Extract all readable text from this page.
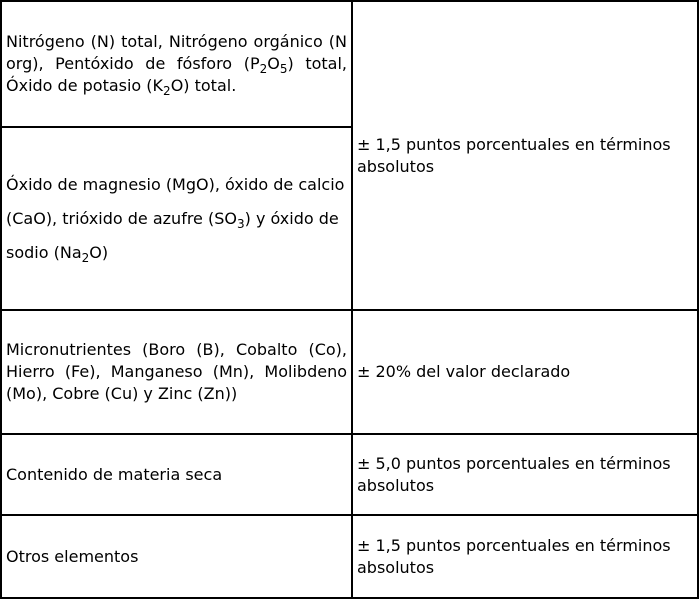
Nitrógeno (N) total, Nitrógeno orgánico (N org), Pentóxido de fósforo $(P_2O_5)$ total, Óxido de potasio $(K_2O)$ total.	± 1,5 puntos porcentuales en términos absolutos

Óxido de magnesio (MgO), óxido de calcio
(CaO), trióxido de azufre $(SO_3)$ y óxido de
sodio $(Na_2O)$	

Micronutrientes (Boro (B), Cobalto (Co), Hierro (Fe), Manganeso (Mn), Molibdeno (Mo), Cobre (Cu) y Zinc (Zn))	± 20% del valor declarado
Contenido de materia seca	± 5,0 puntos porcentuales en términos absolutos
Otros elementos	± 1,5 puntos porcentuales en términos absolutos
